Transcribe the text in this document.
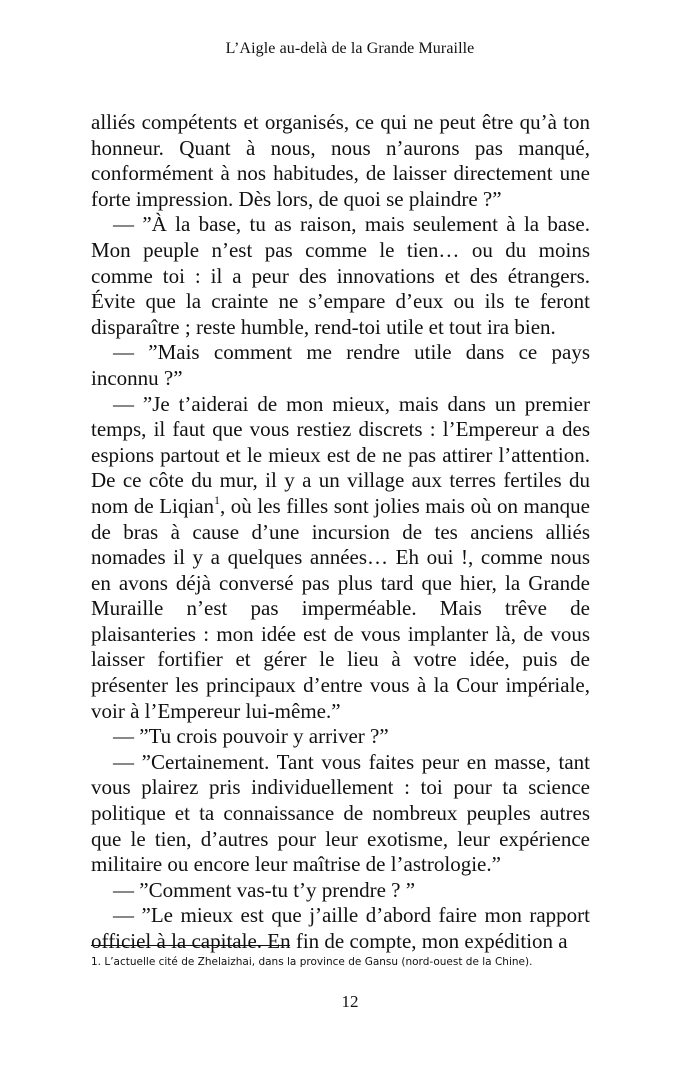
L’Aigle au-delà de la Grande Muraille

alliés compétents et organisés, ce qui ne peut être qu’à ton honneur. Quant à nous, nous n’aurons pas manqué, conformément à nos habitudes, de laisser directement une forte impression. Dès lors, de quoi se plaindre ?”

— ”À la base, tu as raison, mais seulement à la base. Mon peuple n’est pas comme le tien… ou du moins comme toi : il a peur des innovations et des étrangers. Évite que la crainte ne s’empare d’eux ou ils te feront disparaître ; reste humble, rend-toi utile et tout ira bien.

— ”Mais comment me rendre utile dans ce pays inconnu ?”

— ”Je t’aiderai de mon mieux, mais dans un premier temps, il faut que vous restiez discrets : l’Empereur a des espions partout et le mieux est de ne pas attirer l’attention. De ce côte du mur, il y a un village aux terres fertiles du nom de Liqian$^1$, où les filles sont jolies mais où on manque de bras à cause d’une incursion de tes anciens alliés nomades il y a quelques années… Eh oui !, comme nous en avons déjà conversé pas plus tard que hier, la Grande Muraille n’est pas imperméable. Mais trêve de plaisanteries : mon idée est de vous implanter là, de vous laisser fortifier et gérer le lieu à votre idée, puis de présenter les principaux d’entre vous à la Cour impériale, voir à l’Empereur lui-même.”

— ”Tu crois pouvoir y arriver ?”

— ”Certainement. Tant vous faites peur en masse, tant vous plairez pris individuellement : toi pour ta science politique et ta connaissance de nombreux peuples autres que le tien, d’autres pour leur exotisme, leur expérience militaire ou encore leur maîtrise de l’astrologie.”

— ”Comment vas-tu t’y prendre ? ”

— ”Le mieux est que j’aille d’abord faire mon rapport officiel à la capitale. En fin de compte, mon expédition a

1. L’actuelle cité de Zhelaizhai, dans la province de Gansu (nord-ouest de la Chine).
12
